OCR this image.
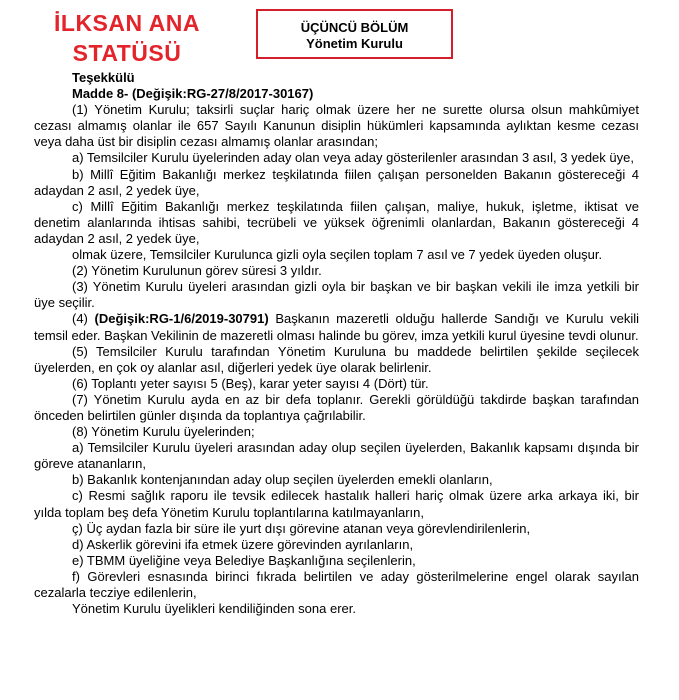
İLKSAN ANA
STATÜSÜ
ÜÇÜNCÜ BÖLÜM
Yönetim Kurulu

Teşekkülü

Madde 8- (Değişik:RG-27/8/2017-30167)

(1) Yönetim Kurulu; taksirli suçlar hariç olmak üzere her ne surette olursa olsun mahkûmiyet cezası almamış olanlar ile 657 Sayılı Kanunun disiplin hükümleri kapsamında aylıktan kesme cezası veya daha üst bir disiplin cezası almamış olanlar arasından;

a) Temsilciler Kurulu üyelerinden aday olan veya aday gösterilenler arasından 3 asıl, 3 yedek üye,

b) Millî Eğitim Bakanlığı merkez teşkilatında fiilen çalışan personelden Bakanın göstereceği 4 adaydan 2 asıl, 2 yedek üye,

c) Millî Eğitim Bakanlığı merkez teşkilatında fiilen çalışan, maliye, hukuk, işletme, iktisat ve denetim alanlarında ihtisas sahibi, tecrübeli ve yüksek öğrenimli olanlardan, Bakanın göstereceği 4 adaydan 2 asıl, 2 yedek üye,

olmak üzere, Temsilciler Kurulunca gizli oyla seçilen toplam 7 asıl ve 7 yedek üyeden oluşur.

(2) Yönetim Kurulunun görev süresi 3 yıldır.

(3) Yönetim Kurulu üyeleri arasından gizli oyla bir başkan ve bir başkan vekili ile imza yetkili bir üye seçilir.

(4) (Değişik:RG-1/6/2019-30791) Başkanın mazeretli olduğu hallerde Sandığı ve Kurulu vekili temsil eder. Başkan Vekilinin de mazeretli olması halinde bu görev, imza yetkili kurul üyesine tevdi olunur.

(5) Temsilciler Kurulu tarafından Yönetim Kuruluna bu maddede belirtilen şekilde seçilecek üyelerden, en çok oy alanlar asıl, diğerleri yedek üye olarak belirlenir.

(6) Toplantı yeter sayısı 5 (Beş), karar yeter sayısı 4 (Dört) tür.

(7) Yönetim Kurulu ayda en az bir defa toplanır. Gerekli görüldüğü takdirde başkan tarafından önceden belirtilen günler dışında da toplantıya çağrılabilir.

(8) Yönetim Kurulu üyelerinden;

a) Temsilciler Kurulu üyeleri arasından aday olup seçilen üyelerden, Bakanlık kapsamı dışında bir göreve atananların,

b) Bakanlık kontenjanından aday olup seçilen üyelerden emekli olanların,

c) Resmi sağlık raporu ile tevsik edilecek hastalık halleri hariç olmak üzere arka arkaya iki, bir yılda toplam beş defa Yönetim Kurulu toplantılarına katılmayanların,

ç) Üç aydan fazla bir süre ile yurt dışı görevine atanan veya görevlendirilenlerin,

d) Askerlik görevini ifa etmek üzere görevinden ayrılanların,

e) TBMM üyeliğine veya Belediye Başkanlığına seçilenlerin,

f) Görevleri esnasında birinci fıkrada belirtilen ve aday gösterilmelerine engel olarak sayılan cezalarla tecziye edilenlerin,

Yönetim Kurulu üyelikleri kendiliğinden sona erer.
